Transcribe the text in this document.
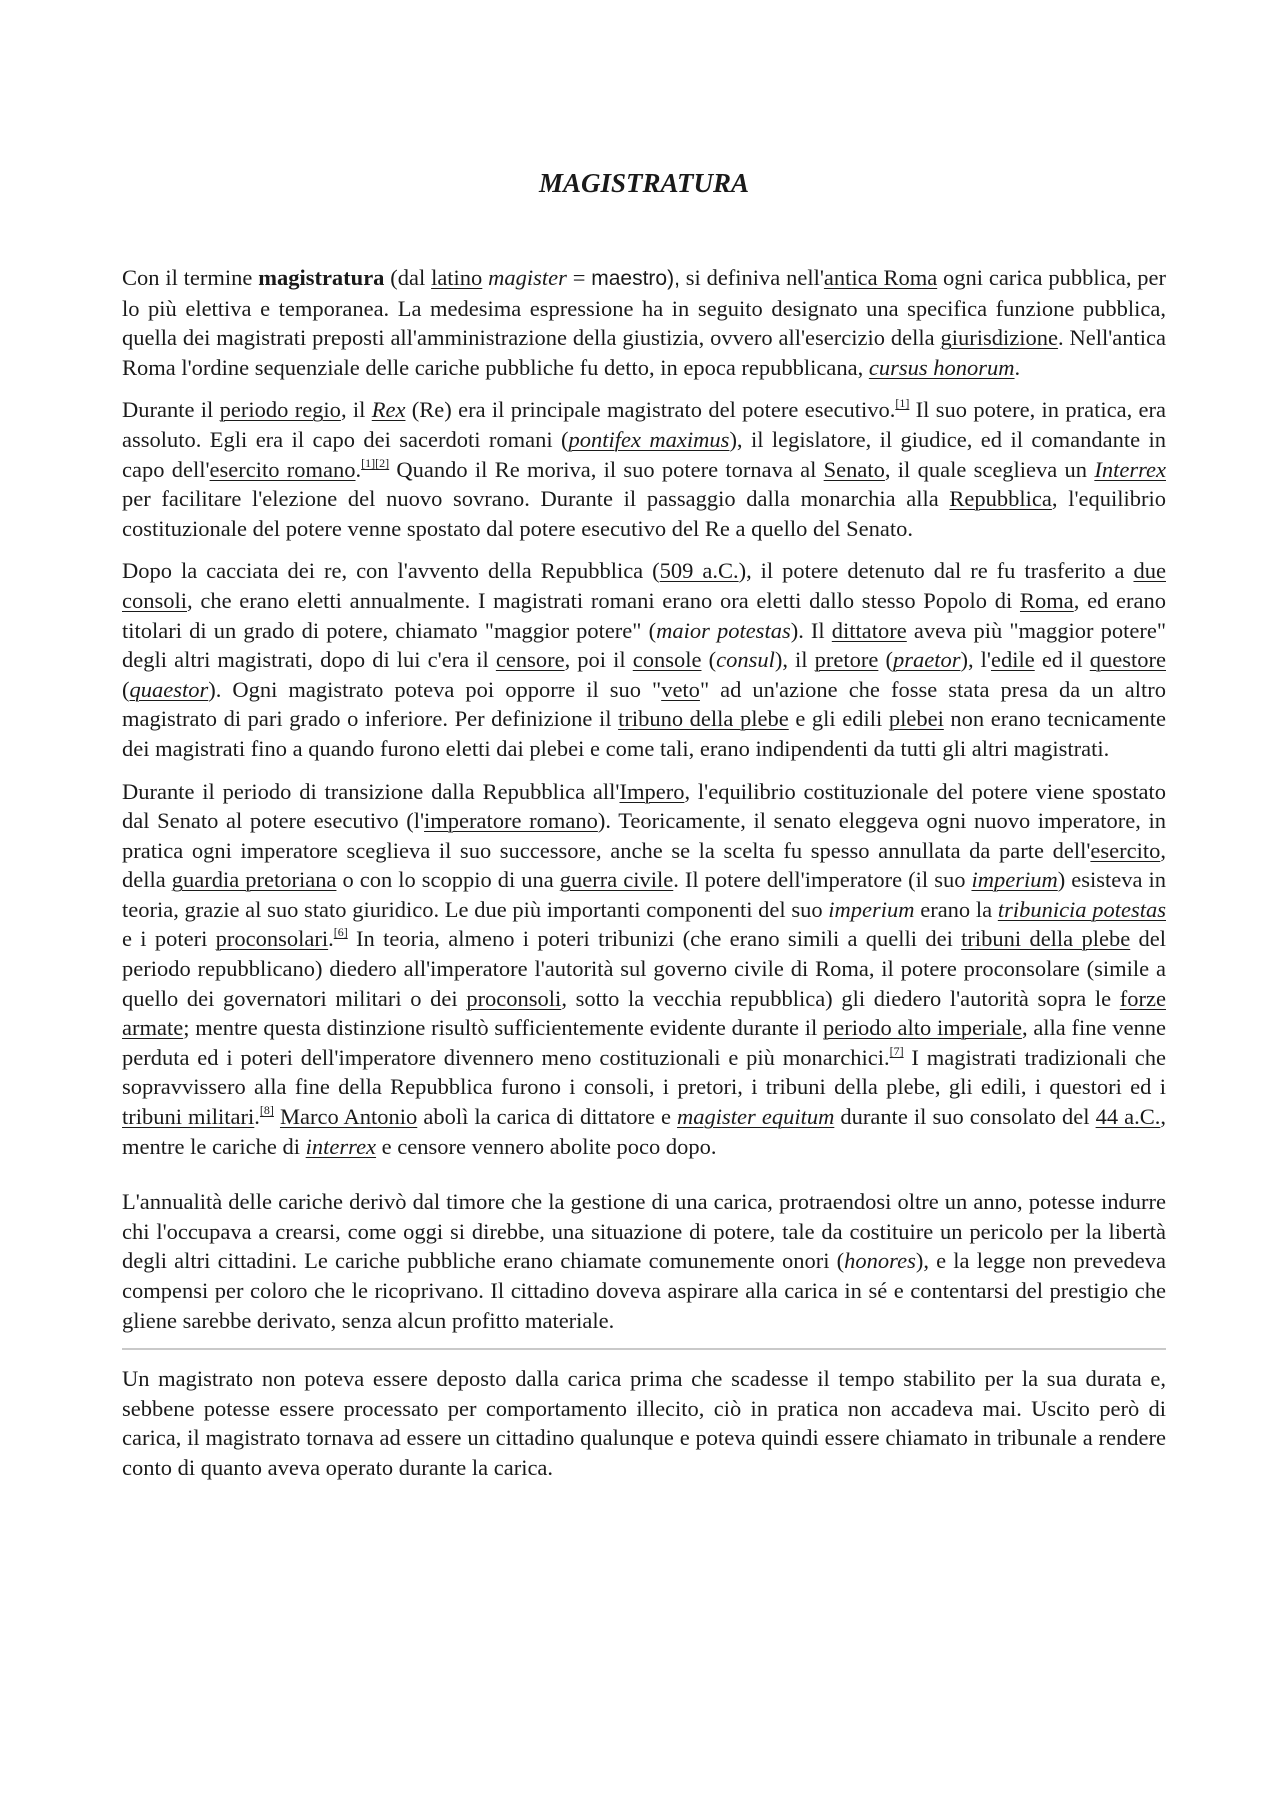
MAGISTRATURA

Con il termine magistratura (dal latino magister = maestro), si definiva nell'antica Roma ogni carica pubblica, per lo più elettiva e temporanea. La medesima espressione ha in seguito designato una specifica funzione pubblica, quella dei magistrati preposti all'amministrazione della giustizia, ovvero all'esercizio della giurisdizione. Nell'antica Roma l'ordine sequenziale delle cariche pubbliche fu detto, in epoca repubblicana, cursus honorum.

Durante il periodo regio, il Rex (Re) era il principale magistrato del potere esecutivo.[1] Il suo potere, in pratica, era assoluto. Egli era il capo dei sacerdoti romani (pontifex maximus), il legislatore, il giudice, ed il comandante in capo dell'esercito romano.[1][2] Quando il Re moriva, il suo potere tornava al Senato, il quale sceglieva un Interrex per facilitare l'elezione del nuovo sovrano. Durante il passaggio dalla monarchia alla Repubblica, l'equilibrio costituzionale del potere venne spostato dal potere esecutivo del Re a quello del Senato.

Dopo la cacciata dei re, con l'avvento della Repubblica (509 a.C.), il potere detenuto dal re fu trasferito a due consoli, che erano eletti annualmente. I magistrati romani erano ora eletti dallo stesso Popolo di Roma, ed erano titolari di un grado di potere, chiamato "maggior potere" (maior potestas). Il dittatore aveva più "maggior potere" degli altri magistrati, dopo di lui c'era il censore, poi il console (consul), il pretore (praetor), l'edile ed il questore (quaestor). Ogni magistrato poteva poi opporre il suo "veto" ad un'azione che fosse stata presa da un altro magistrato di pari grado o inferiore. Per definizione il tribuno della plebe e gli edili plebei non erano tecnicamente dei magistrati fino a quando furono eletti dai plebei e come tali, erano indipendenti da tutti gli altri magistrati.

Durante il periodo di transizione dalla Repubblica all'Impero, l'equilibrio costituzionale del potere viene spostato dal Senato al potere esecutivo (l'imperatore romano). Teoricamente, il senato eleggeva ogni nuovo imperatore, in pratica ogni imperatore sceglieva il suo successore, anche se la scelta fu spesso annullata da parte dell'esercito, della guardia pretoriana o con lo scoppio di una guerra civile. Il potere dell'imperatore (il suo imperium) esisteva in teoria, grazie al suo stato giuridico. Le due più importanti componenti del suo imperium erano la tribunicia potestas e i poteri proconsolari.[6] In teoria, almeno i poteri tribunizi (che erano simili a quelli dei tribuni della plebe del periodo repubblicano) diedero all'imperatore l'autorità sul governo civile di Roma, il potere proconsolare (simile a quello dei governatori militari o dei proconsoli, sotto la vecchia repubblica) gli diedero l'autorità sopra le forze armate; mentre questa distinzione risultò sufficientemente evidente durante il periodo alto imperiale, alla fine venne perduta ed i poteri dell'imperatore divennero meno costituzionali e più monarchici.[7] I magistrati tradizionali che sopravvissero alla fine della Repubblica furono i consoli, i pretori, i tribuni della plebe, gli edili, i questori ed i tribuni militari.[8] Marco Antonio abolì la carica di dittatore e magister equitum durante il suo consolato del 44 a.C., mentre le cariche di interrex e censore vennero abolite poco dopo.

L'annualità delle cariche derivò dal timore che la gestione di una carica, protraendosi oltre un anno, potesse indurre chi l'occupava a crearsi, come oggi si direbbe, una situazione di potere, tale da costituire un pericolo per la libertà degli altri cittadini. Le cariche pubbliche erano chiamate comunemente onori (honores), e la legge non prevedeva compensi per coloro che le ricoprivano. Il cittadino doveva aspirare alla carica in sé e contentarsi del prestigio che gliene sarebbe derivato, senza alcun profitto materiale.

Un magistrato non poteva essere deposto dalla carica prima che scadesse il tempo stabilito per la sua durata e, sebbene potesse essere processato per comportamento illecito, ciò in pratica non accadeva mai. Uscito però di carica, il magistrato tornava ad essere un cittadino qualunque e poteva quindi essere chiamato in tribunale a rendere conto di quanto aveva operato durante la carica.
